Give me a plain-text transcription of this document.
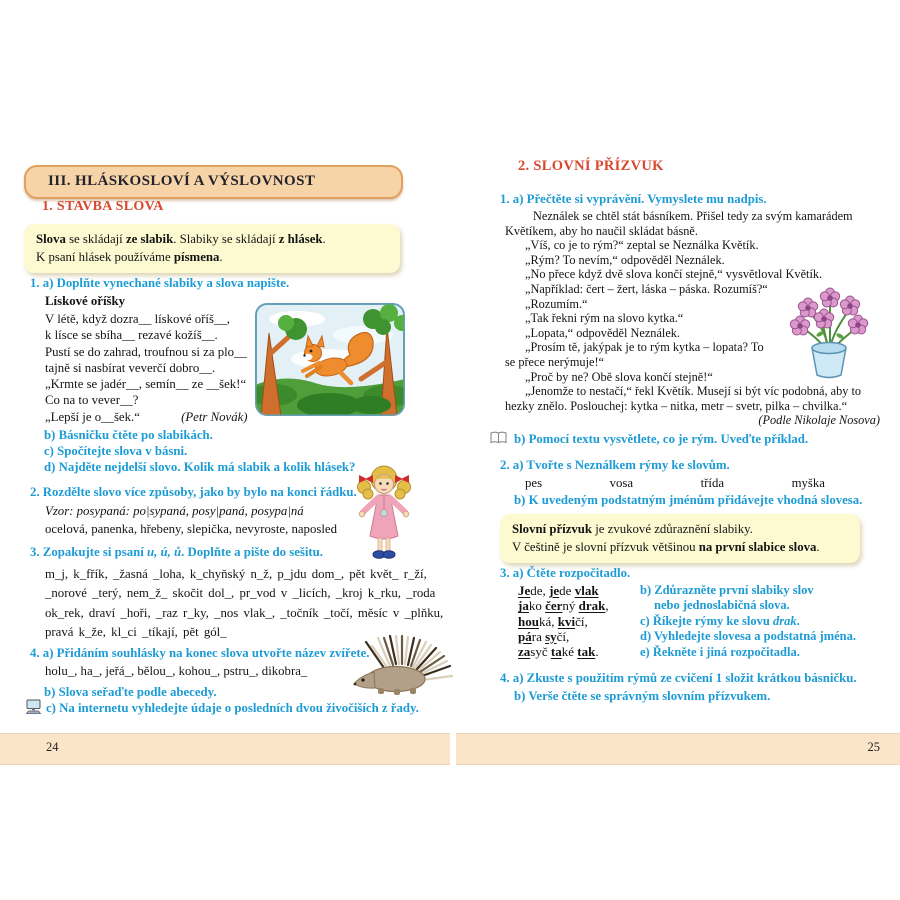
III. HLÁSKOSLOVÍ A VÝSLOVNOST
1. STAVBA SLOVA
Slova se skládají ze slabik. Slabiky se skládají z hlásek.
K psaní hlásek používáme písmena.
1. a) Doplňte vynechané slabiky a slova napište.
Lískové oříšky
V létě, když dozra__ lískové oříš__,
k lísce se sbíha__ rezavé kožíš__.
Pustí se do zahrad, troufnou si za plo__
tajně si nasbírat veverčí dobro__.
„Krmte se jadér__, semín__ ze __šek!“
Co na to vever__?
„Lepší je o__šek.“	(Petr Novák)
b) Básničku čtěte po slabikách.
c) Spočítejte slova v básni.
d) Najděte nejdelší slovo. Kolik má slabik a kolik hlásek?
2. Rozdělte slovo více způsoby, jako by bylo na konci řádku.
Vzor: posypaná: po|sypaná, posy|paná, posypa|ná
ocelová, panenka, hřebeny, slepička, nevyroste, naposled
3. Zopakujte si psaní u, ú, ů. Doplňte a pište do sešitu.
m_j, k_fřík, _žasná _loha, k_chyňský n_ž, p_jdu dom_, pět květ_ r_ží,
_norové _terý, nem_ž_ skočit dol_, pr_vod v _licích, _kroj k_rku, _roda
ok_rek, draví _hoři, _raz r_ky, _nos vlak_, _točník _točí, měsíc v _plňku,
pravá k_že, kl_ci _tíkají, pět gól_
4. a) Přidáním souhlásky na konec slova utvořte název zvířete.
holu_, ha_, jeřá_, bělou_, kohou_, pstru_, dikobra_
b) Slova seřaďte podle abecedy.
c) Na internetu vyhledejte údaje o posledních dvou živočiších z řady.
2. SLOVNÍ PŘÍZVUK
1. a) Přečtěte si vyprávění. Vymyslete mu nadpis.
Neználek se chtěl stát básníkem. Přišel tedy za svým kamarádem
Květíkem, aby ho naučil skládat básně.
„Víš, co je to rým?“ zeptal se Neználka Květík.
„Rým? To nevím,“ odpověděl Neználek.
„No přece když dvě slova končí stejně,“ vysvětloval Květík.
„Například: čert – žert, láska – páska. Rozumíš?“
„Rozumím.“
„Tak řekni rým na slovo kytka.“
„Lopata,“ odpověděl Neználek.
„Prosím tě, jakýpak je to rým kytka – lopata? To
se přece nerýmuje!“
„Proč by ne? Obě slova končí stejně!“
„Jenomže to nestačí,“ řekl Květík. Musejí si být víc podobná, aby to
hezky znělo. Poslouchej: kytka – nitka, metr – svetr, pilka – chvilka.“
(Podle Nikolaje Nosova)
b) Pomocí textu vysvětlete, co je rým. Uveďte příklad.
2. a) Tvořte s Neználkem rýmy ke slovům.
pes	vosa	třída	myška
b) K uvedeným podstatným jménům přidávejte vhodná slovesa.
Slovní přízvuk je zvukové zdůraznění slabiky.
V češtině je slovní přízvuk většinou na první slabice slova.
3. a) Čtěte rozpočitadlo.
Jede, jede vlak
jako černý drak,
houká, kvičí,
pára syčí,
zasyč také tak.
b) Zdůrazněte první slabiky slov
nebo jednoslabičná slova.
c) Říkejte rýmy ke slovu drak.
d) Vyhledejte slovesa a podstatná jména.
e) Řekněte i jiná rozpočitadla.
4. a) Zkuste s použitím rýmů ze cvičení 1 složit krátkou básničku.
b) Verše čtěte se správným slovním přízvukem.
24	25
